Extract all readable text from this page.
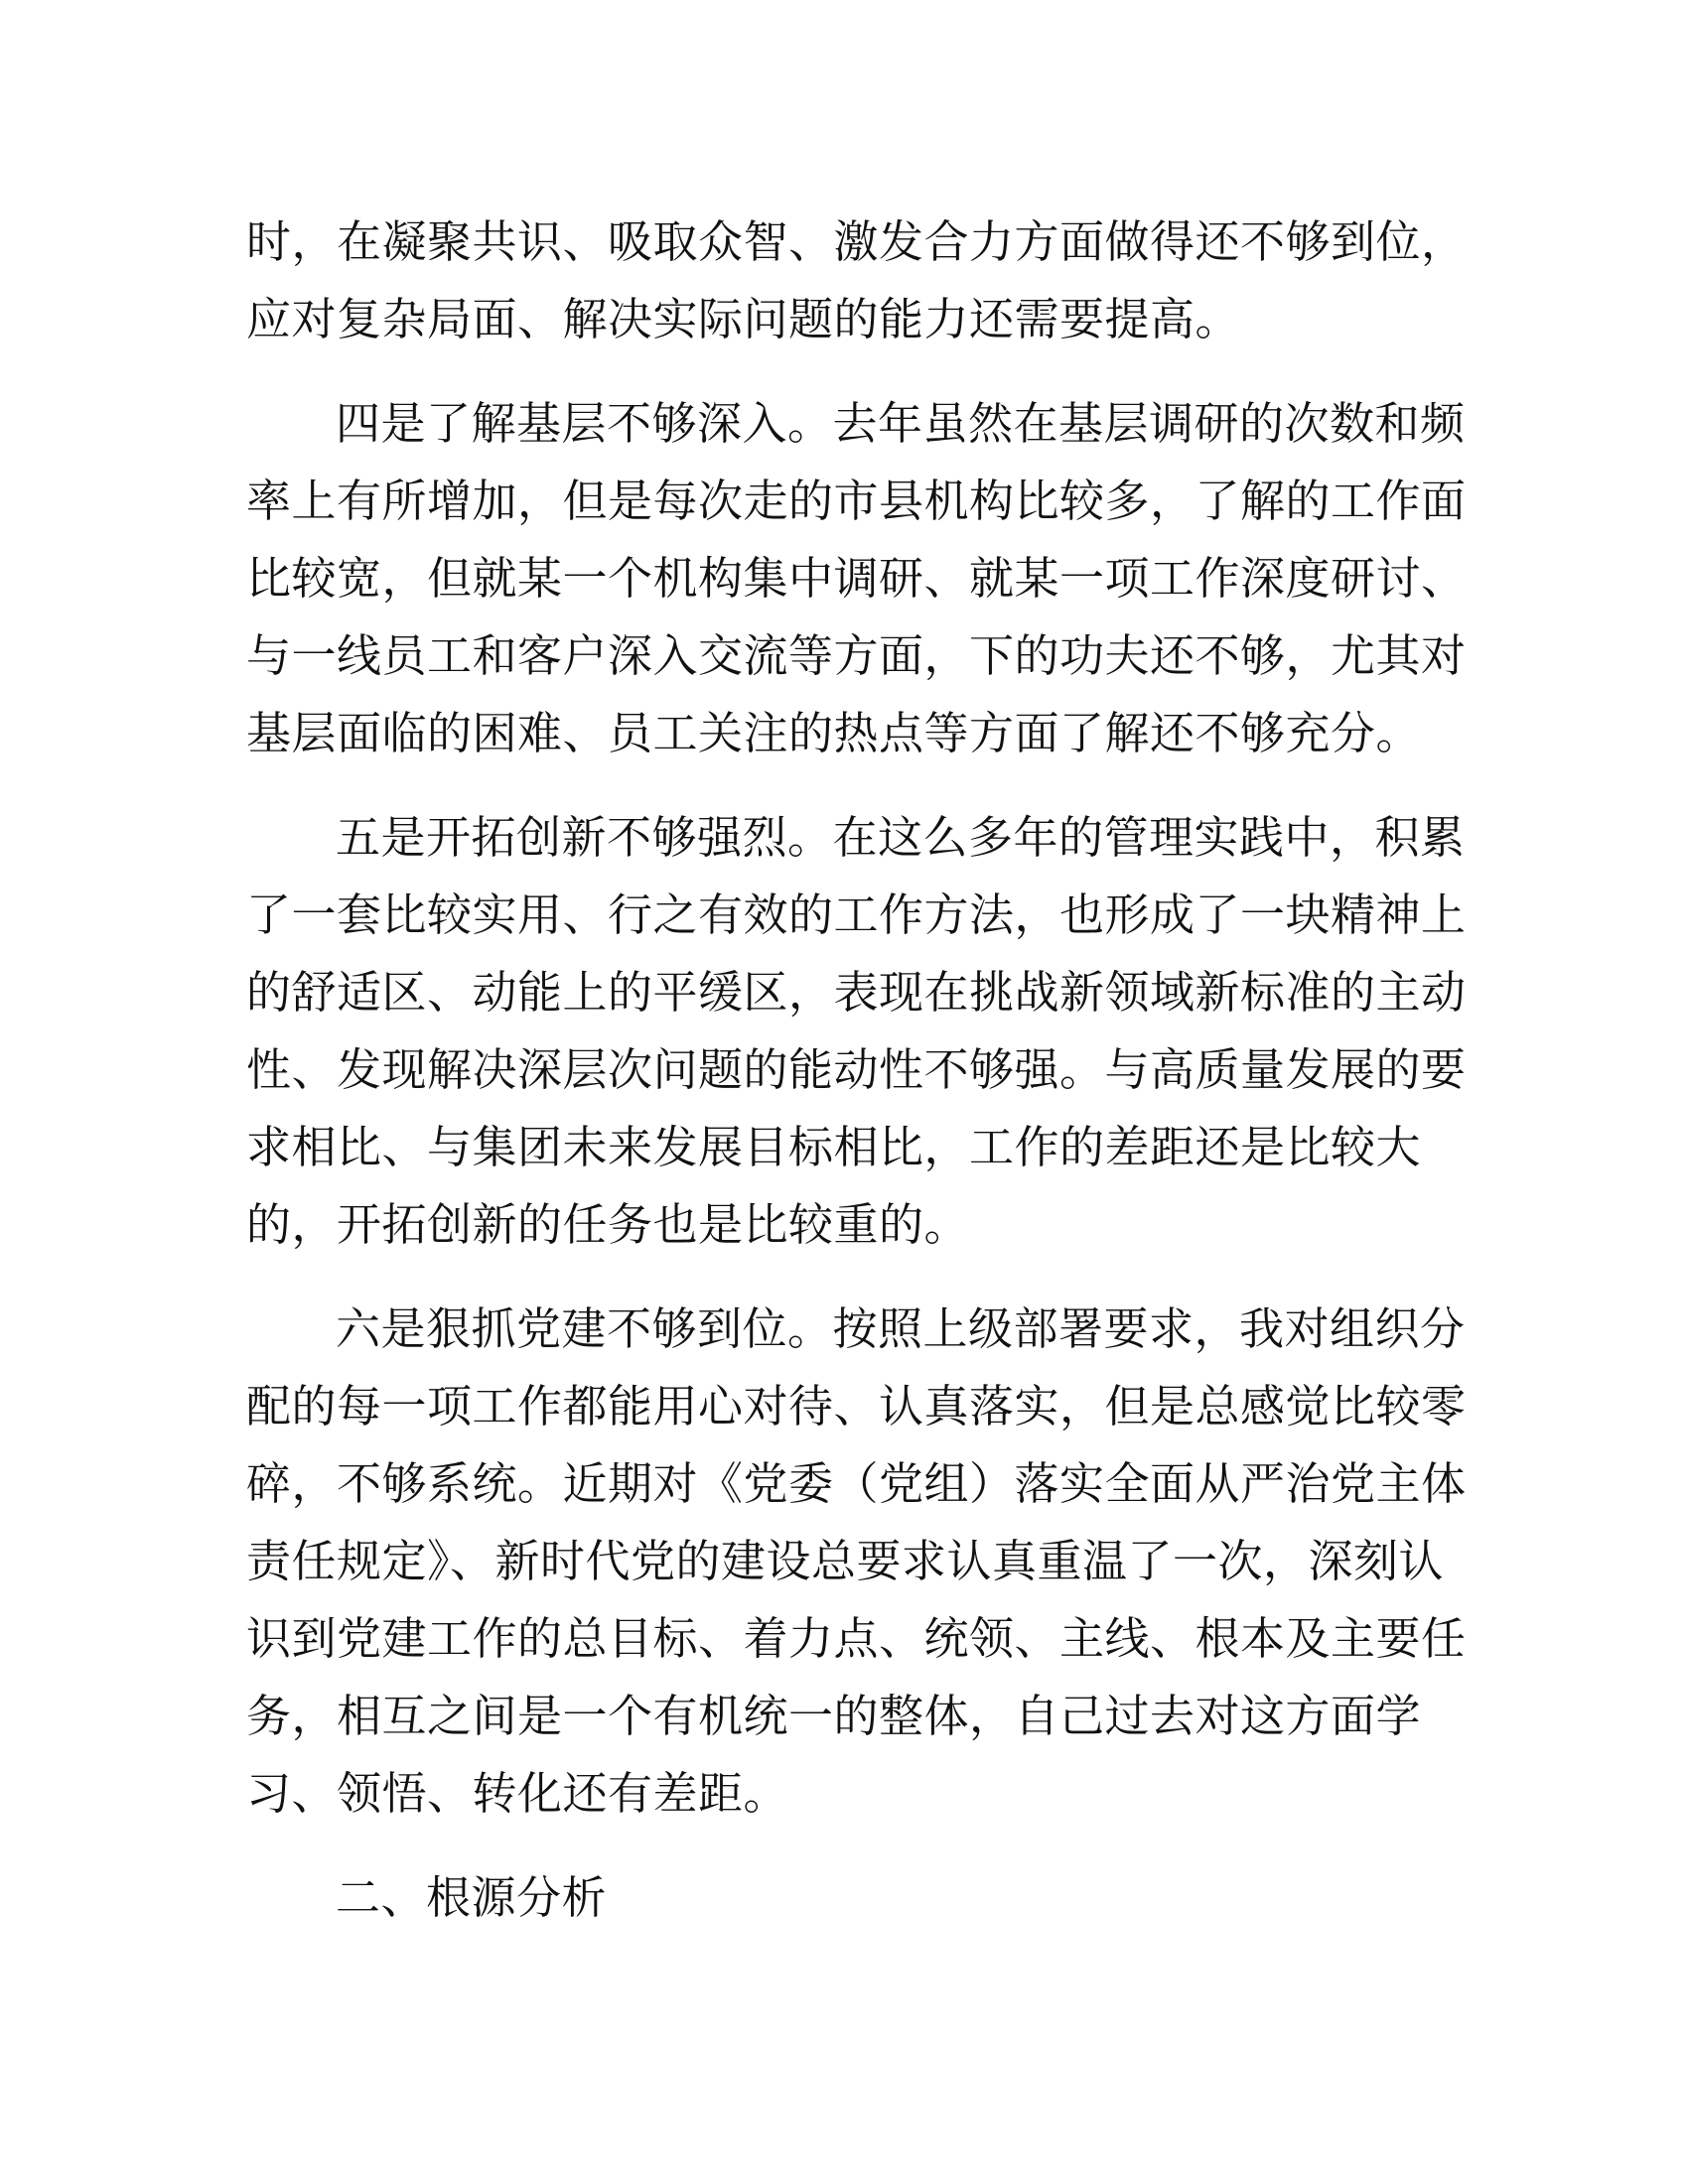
时，在凝聚共识、吸取众智、激发合力方面做得还不够到位，
应对复杂局面、解决实际问题的能力还需要提高。
四是了解基层不够深入。去年虽然在基层调研的次数和频
率上有所增加，但是每次走的市县机构比较多，了解的工作面
比较宽，但就某一个机构集中调研、就某一项工作深度研讨、
与一线员工和客户深入交流等方面，下的功夫还不够，尤其对
基层面临的困难、员工关注的热点等方面了解还不够充分。
五是开拓创新不够强烈。在这么多年的管理实践中，积累
了一套比较实用、行之有效的工作方法，也形成了一块精神上
的舒适区、动能上的平缓区，表现在挑战新领域新标准的主动
性、发现解决深层次问题的能动性不够强。与高质量发展的要
求相比、与集团未来发展目标相比，工作的差距还是比较大
的，开拓创新的任务也是比较重的。
六是狠抓党建不够到位。按照上级部署要求，我对组织分
配的每一项工作都能用心对待、认真落实，但是总感觉比较零
碎，不够系统。近期对《党委（党组）落实全面从严治党主体
责任规定》、新时代党的建设总要求认真重温了一次，深刻认
识到党建工作的总目标、着力点、统领、主线、根本及主要任
务，相互之间是一个有机统一的整体，自己过去对这方面学
习、领悟、转化还有差距。
二、根源分析
